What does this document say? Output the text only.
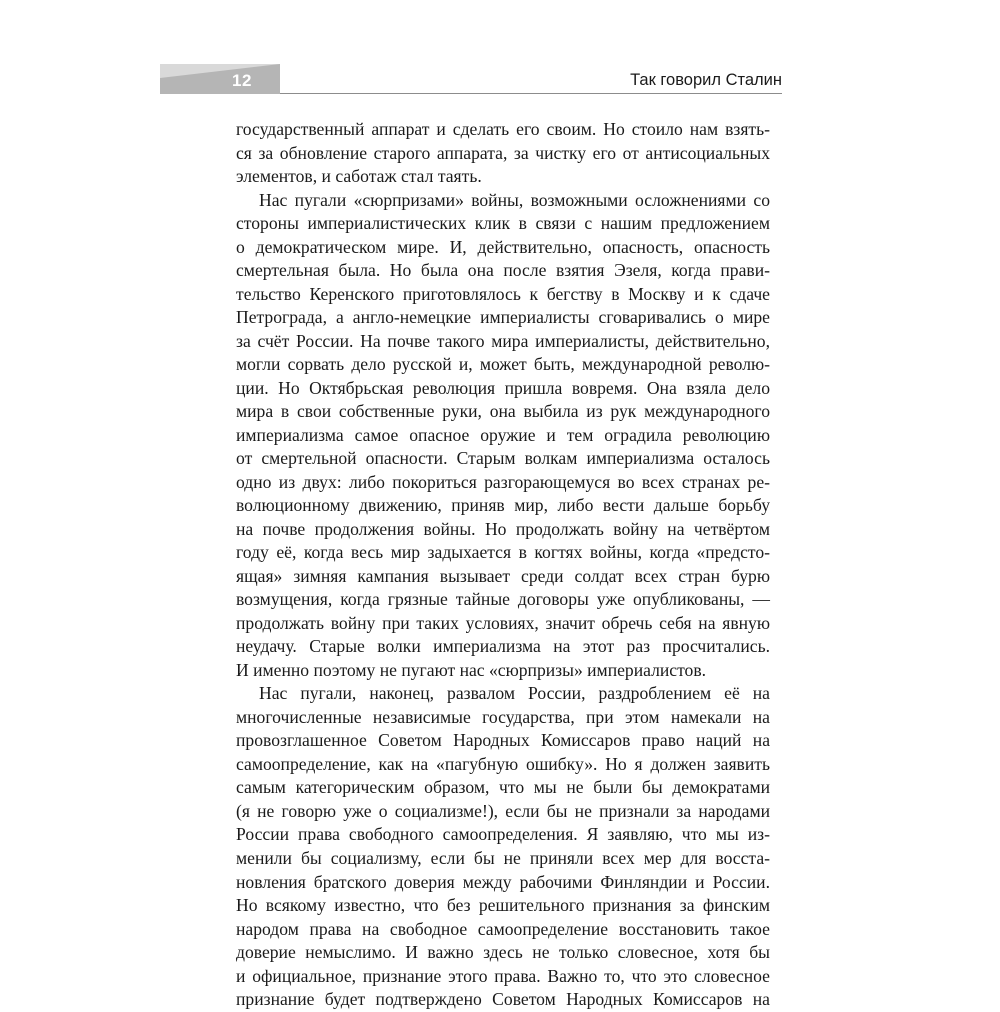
12	Так говорил Сталин
государственный аппарат и сделать его своим. Но стоило нам взять-
ся за обновление старого аппарата, за чистку его от антисоциальных
элементов, и саботаж стал таять.
Нас пугали «сюрпризами» войны, возможными осложнениями со
стороны империалистических клик в связи с нашим предложением
о демократическом мире. И, действительно, опасность, опасность
смертельная была. Но была она после взятия Эзеля, когда прави-
тельство Керенского приготовлялось к бегству в Москву и к сдаче
Петрограда, а англо-немецкие империалисты сговаривались о мире
за счёт России. На почве такого мира империалисты, действительно,
могли сорвать дело русской и, может быть, международной револю-
ции. Но Октябрьская революция пришла вовремя. Она взяла дело
мира в свои собственные руки, она выбила из рук международного
империализма самое опасное оружие и тем оградила революцию
от смертельной опасности. Старым волкам империализма осталось
одно из двух: либо покориться разгорающемуся во всех странах ре-
волюционному движению, приняв мир, либо вести дальше борьбу
на почве продолжения войны. Но продолжать войну на четвёртом
году её, когда весь мир задыхается в когтях войны, когда «предсто-
ящая» зимняя кампания вызывает среди солдат всех стран бурю
возмущения, когда грязные тайные договоры уже опубликованы, —
продолжать войну при таких условиях, значит обречь себя на явную
неудачу. Старые волки империализма на этот раз просчитались.
И именно поэтому не пугают нас «сюрпризы» империалистов.
Нас пугали, наконец, развалом России, раздроблением её на
многочисленные независимые государства, при этом намекали на
провозглашенное Советом Народных Комиссаров право наций на
самоопределение, как на «пагубную ошибку». Но я должен заявить
самым категорическим образом, что мы не были бы демократами
(я не говорю уже о социализме!), если бы не признали за народами
России права свободного самоопределения. Я заявляю, что мы из-
менили бы социализму, если бы не приняли всех мер для восста-
новления братского доверия между рабочими Финляндии и России.
Но всякому известно, что без решительного признания за финским
народом права на свободное самоопределение восстановить такое
доверие немыслимо. И важно здесь не только словесное, хотя бы
и официальное, признание этого права. Важно то, что это словесное
признание будет подтверждено Советом Народных Комиссаров на
